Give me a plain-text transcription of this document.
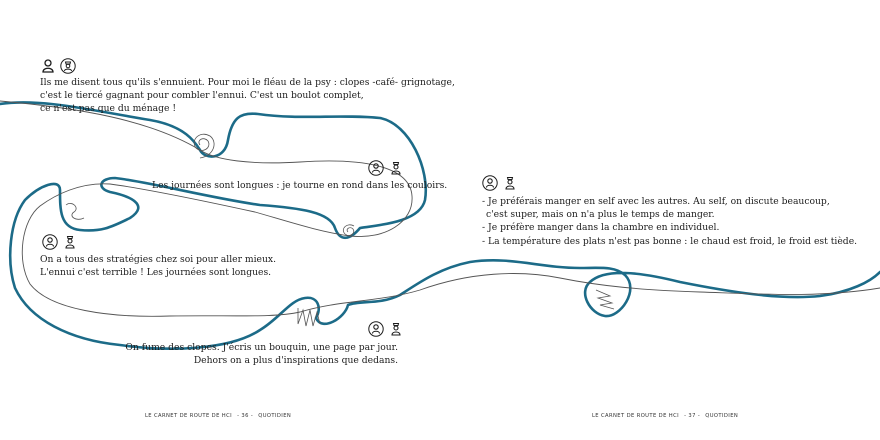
Ils me disent tous qu'ils s'ennuient. Pour moi le fléau de la psy : clopes -café- grignotage,
c'est le tiercé gagnant pour combler l'ennui. C'est un boulot complet,
ce n'est pas que du ménage !
Les journées sont longues : je tourne en rond dans les couloirs.
On a tous des stratégies chez soi pour aller mieux.
L'ennui c'est terrible ! Les journées sont longues.
On fume des clopes. J'écris un bouquin, une page par jour.
Dehors on a plus d'inspirations que dedans.
LE CARNET DE ROUTE DE HCI - 36 - QUOTIDIEN
- Je préférais manger en self avec les autres. Au self, on discute beaucoup,
c'est super, mais on n'a plus le temps de manger.
- Je préfère manger dans la chambre en individuel.
- La température des plats n'est pas bonne : le chaud est froid, le froid est tiède.
LE CARNET DE ROUTE DE HCI - 37 - QUOTIDIEN
